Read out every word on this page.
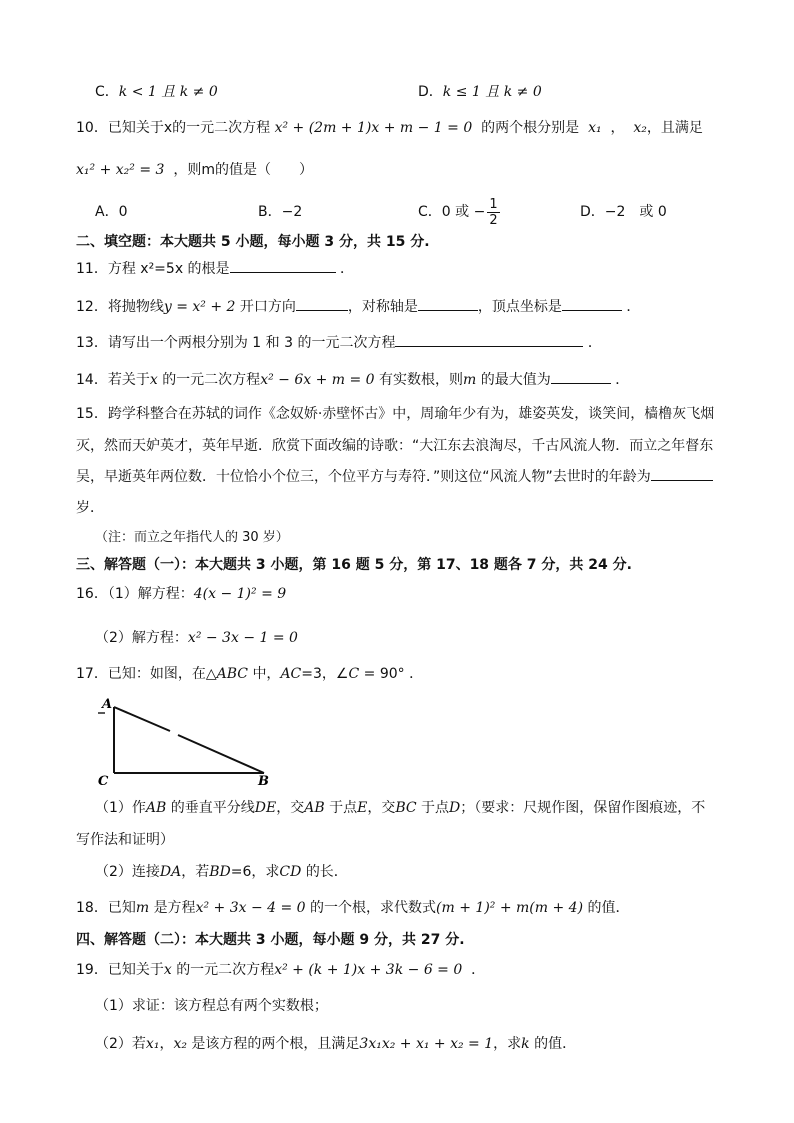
C．k < 1 且 k ≠ 0	D．k ≤ 1 且 k ≠ 0
10．已知关于x的一元二次方程 x² + (2m + 1)x + m − 1 = 0 的两个根分别是 x₁  ，  x₂，且满足
x₁² + x₂² = 3 ，则m的值是（　　）
A．0	B．−2	C．0 或 − $\frac{1}{2}$	D．−2　或 0
二、填空题：本大题共 5 小题，每小题 3 分，共 15 分.
11．方程 x²=5x 的根是	．
12．将抛物线y = x² + 2 开口方向	，对称轴是	，顶点坐标是	．
13．请写出一个两根分别为 1 和 3 的一元二次方程	．
14．若关于x 的一元二次方程x² − 6x + m = 0 有实数根，则m 的最大值为	．
15．跨学科整合在苏轼的词作《念奴娇·赤壁怀古》中，周瑜年少有为，雄姿英发，谈笑间，樯橹灰飞烟
灭，然而天妒英才，英年早逝．欣赏下面改编的诗歌：“大江东去浪淘尽，千古风流人物．而立之年督东
吴，早逝英年两位数．十位恰小个位三，个位平方与寿符．”则这位“风流人物”去世时的年龄为
岁．
（注：而立之年指代人的 30 岁）
三、解答题（一）：本大题共 3 小题，第 16 题 5 分，第 17、18 题各 7 分，共 24 分.
16．（1）解方程：4(x − 1)² = 9
（2）解方程：x² − 3x − 1 = 0
17．已知：如图，在△ABC 中，AC=3，∠C = 90° ．
A
C	B
（1）作AB 的垂直平分线DE，交AB 于点E，交BC 于点D；（要求：尺规作图，保留作图痕迹，不
写作法和证明）
（2）连接DA，若BD=6，求CD 的长．
18．已知m 是方程x² + 3x − 4 = 0 的一个根，求代数式(m + 1)² + m(m + 4) 的值．
四、解答题（二）：本大题共 3 小题，每小题 9 分，共 27 分.
19．已知关于x 的一元二次方程x² + (k + 1)x + 3k − 6 = 0 ．
（1）求证：该方程总有两个实数根；
（2）若x₁，x₂ 是该方程的两个根，且满足3x₁x₂ + x₁ + x₂ = 1，求k 的值．
